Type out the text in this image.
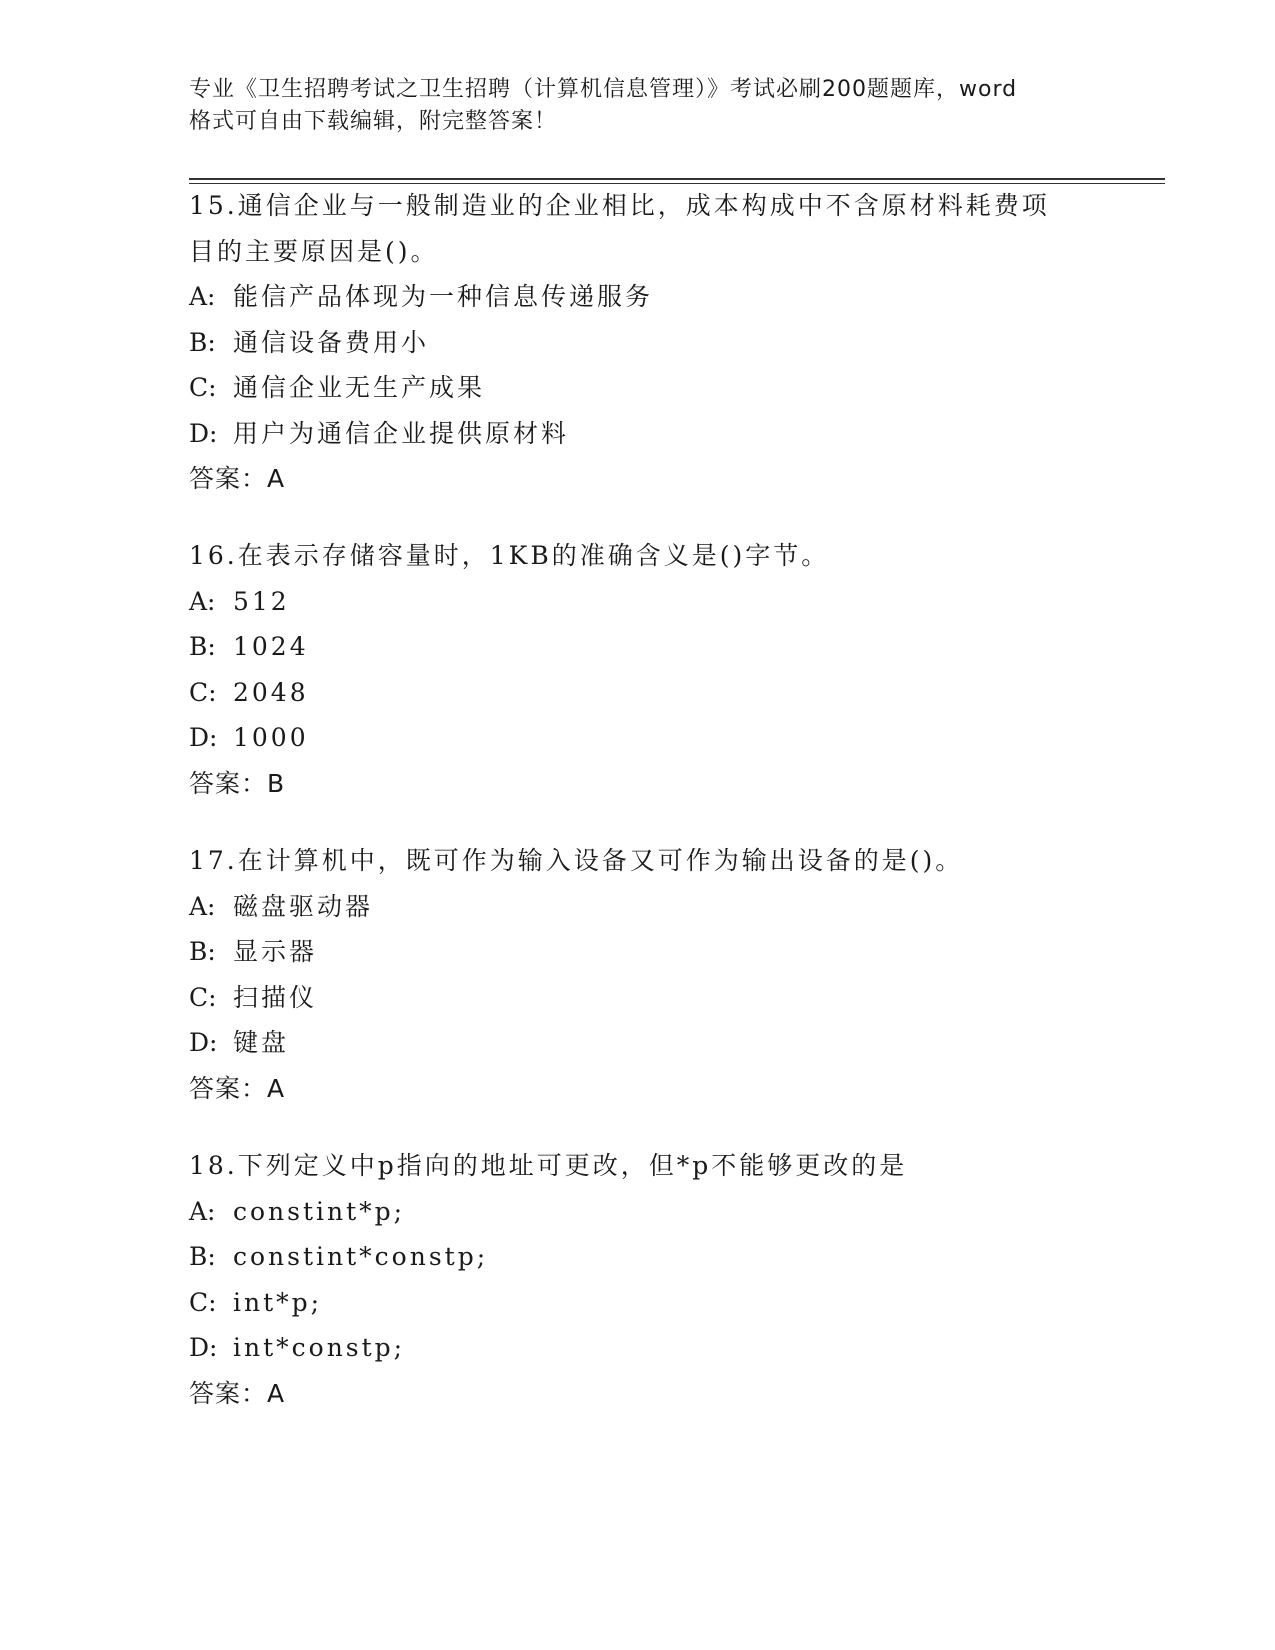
专业《卫生招聘考试之卫生招聘（计算机信息管理）》考试必刷200题题库，word
格式可自由下载编辑，附完整答案！
15.通信企业与一般制造业的企业相比，成本构成中不含原材料耗费项
目的主要原因是()。
A: 能信产品体现为一种信息传递服务
B: 通信设备费用小
C: 通信企业无生产成果
D: 用户为通信企业提供原材料
答案：A
16.在表示存储容量时，1KB的准确含义是()字节。
A: 512
B: 1024
C: 2048
D: 1000
答案：B
17.在计算机中，既可作为输入设备又可作为输出设备的是()。
A: 磁盘驱动器
B: 显示器
C: 扫描仪
D: 键盘
答案：A
18.下列定义中p指向的地址可更改，但*p不能够更改的是
A: constint*p;
B: constint*constp;
C: int*p;
D: int*constp;
答案：A
